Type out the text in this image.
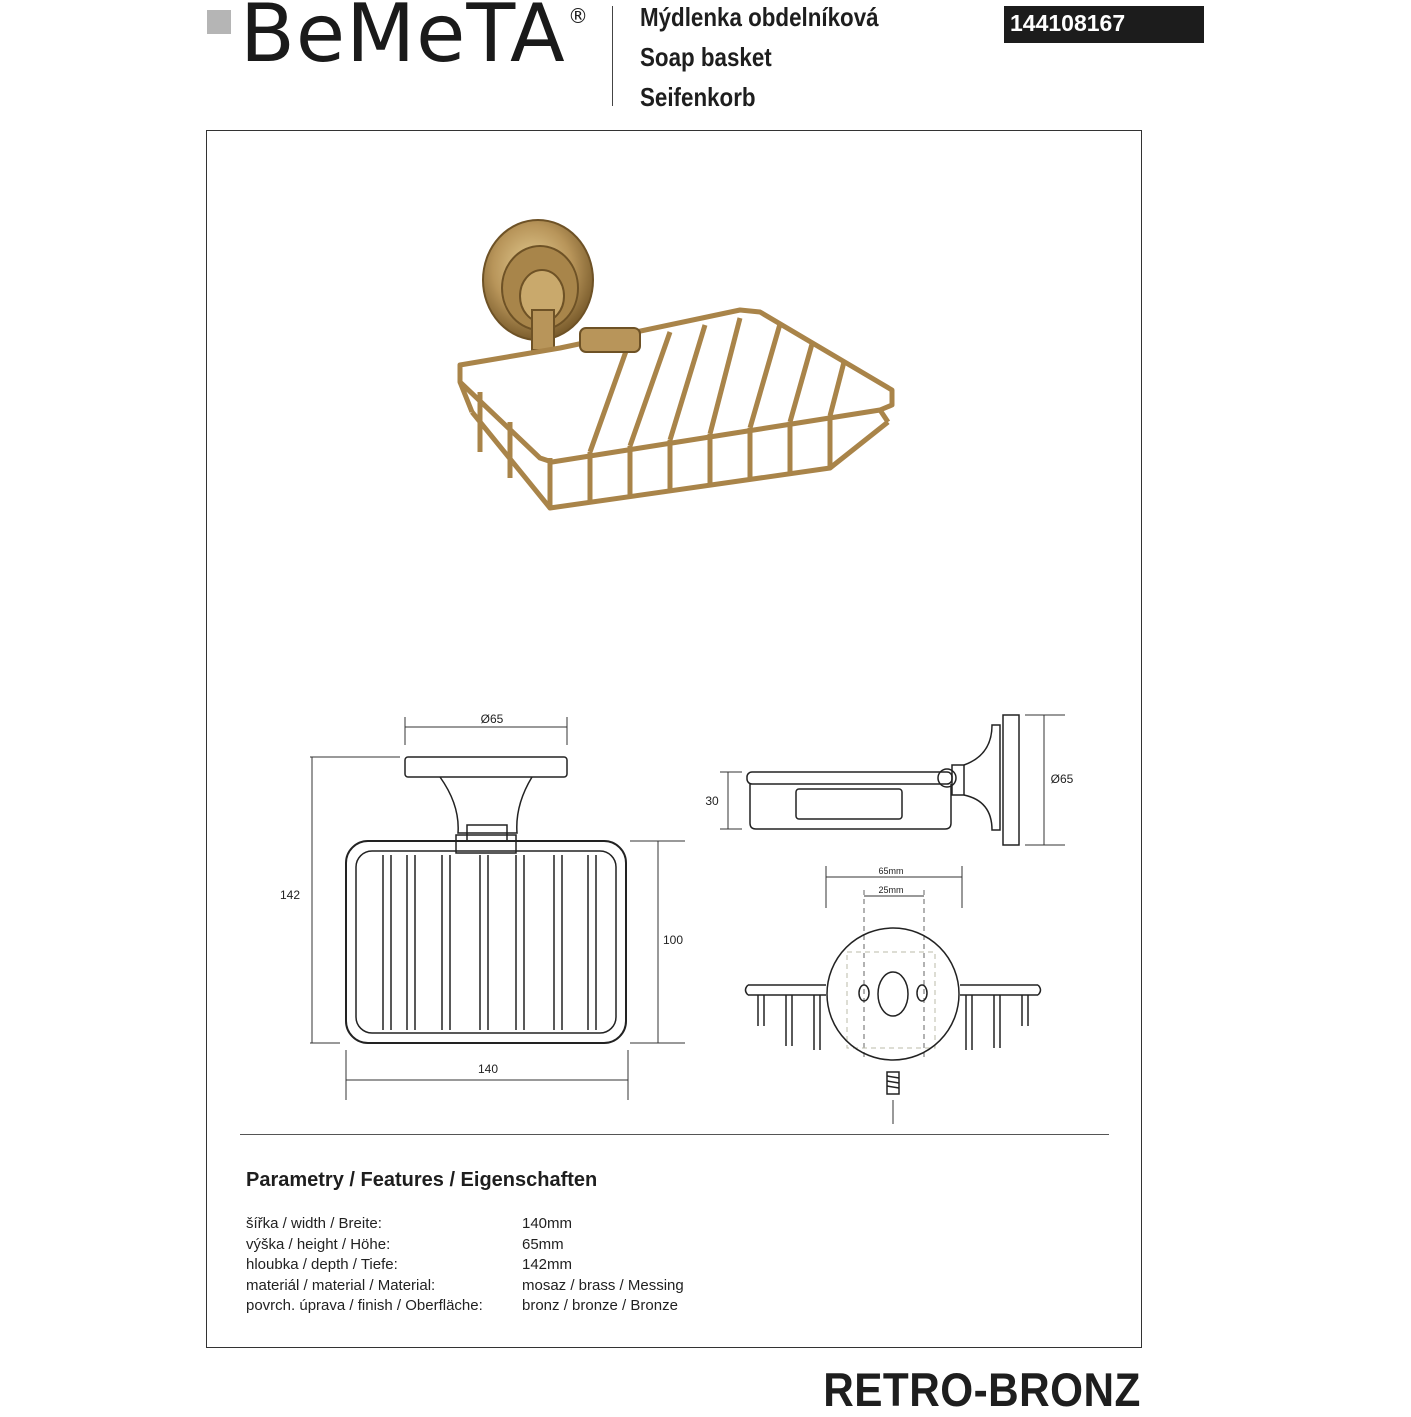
BeMeTA ® Mýdlenka obdelníková
Soap basket
Seifenkorb
144108167
Ø65
142
100
140
30
Ø65
65mm
25mm
Parametry / Features / Eigenschaften
šířka / width / Breite:	140mm
výška / height / Höhe:	65mm
hloubka / depth / Tiefe:	142mm
materiál / material / Material:	mosaz / brass / Messing
povrch. úprava / finish / Oberfläche:	bronz / bronze / Bronze
RETRO-BRONZ
